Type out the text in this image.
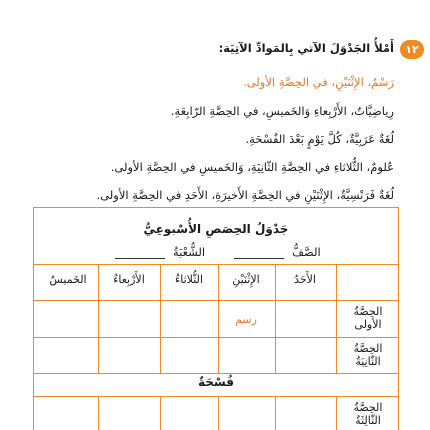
١٢
أَمْلأُ الجَدْوَلَ الآتي بِالمَوادِّ الآتِيَة:
رَسْمٌ، الإِثْنَيْنِ، في الحِصَّةِ الأولى.
رِياضِيَّاتٌ، الأَرْبِعاءِ وَالخَميسِ، في الحِصَّةِ الرّابِعَةِ.
لُغَةٌ عَرَبِيَّةٌ، كُلَّ يَوْمٍ بَعْدَ الفُسْحَةِ.
عُلومٌ، الثُّلاثاءِ في الحِصَّةِ الثّانِيَةِ، وَالخَميسِ في الحِصَّةِ الأولى.
لُغَةٌ فَرَنْسِيَّةٌ، الإِثْنَيْنِ في الحِصَّةِ الأَخيرَةِ، الأَحَدِ في الحِصَّةِ الأولى.
جَدْوَلُ الحِصَصِ الأُسْبوعِيُّ
الصَّفُّ   الشُّعْبَةُ
الأَحَدُ
الإِثْنَيْنِ
الثُّلاثاءُ
الأَرْبِعاءُ
الخَميسُ
الحِصَّةُ الأولى
الحِصَّةُ الثّانِيَةُ
الحِصَّةُ الثّالِثَةُ
رسم
فُسْحَةٌ
